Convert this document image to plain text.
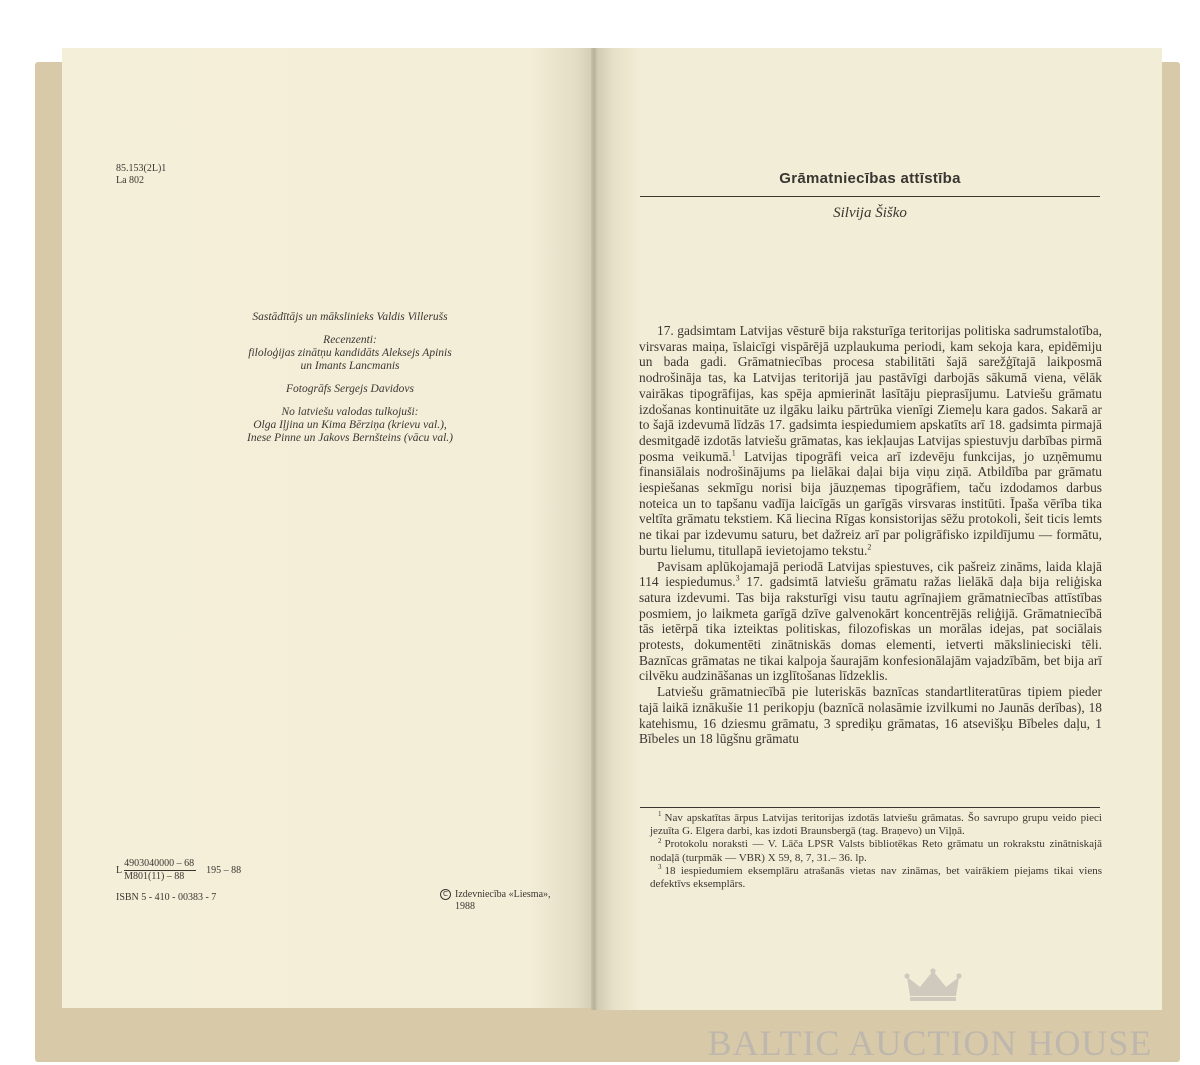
85.153(2L)1
La 802

Sastādītājs un mākslinieks Valdis Villerušs

Recenzenti:
filoloģijas zinātņu kandidāts Aleksejs Apinis
un Imants Lancmanis

Fotogrāfs Sergejs Davidovs

No latviešu valodas tulkojuši:
Olga Iļjina un Kima Bērziņa (krievu val.),
Inese Pinne un Jakovs Bernšteins (vācu val.)

L $\frac{4903040000 - 68}{M801(11) - 88} 195 - 88$
ISBN 5 - 410 - 00383 - 7	C Izdevniecība «Liesma»,
1988
Grāmatniecības attīstība
Silvija Šiško

17. gadsimtam Latvijas vēsturē bija raksturīga teritorijas politiska sadrumstalotība, virsvaras maiņa, īslaicīgi vispārējā uzplaukuma periodi, kam sekoja kara, epidēmiju un bada gadi. Grāmatniecības procesa stabilitāti šajā sarežģītajā laikposmā nodrošināja tas, ka Latvijas teritorijā jau pastāvīgi darbojās sākumā viena, vēlāk vairākas tipogrāfijas, kas spēja apmierināt lasītāju pieprasījumu. Latviešu grāmatu izdošanas kontinuitāte uz ilgāku laiku pārtrūka vienīgi Ziemeļu kara gados. Sakarā ar to šajā izdevumā līdzās 17. gadsimta iespiedumiem apskatīts arī 18. gadsimta pirmajā desmitgadē izdotās latviešu grāmatas, kas iekļaujas Latvijas spiestuvju darbības pirmā posma veikumā.$^1$ Latvijas tipogrāfi veica arī izdevēju funkcijas, jo uzņēmumu finansiālais nodrošinājums pa lielākai daļai bija viņu ziņā. Atbildība par grāmatu iespiešanas sekmīgu norisi bija jāuzņemas tipogrāfiem, taču izdodamos darbus noteica un to tapšanu vadīja laicīgās un garīgās virsvaras institūti. Īpaša vērība tika veltīta grāmatu tekstiem. Kā liecina Rīgas konsistorijas sēžu protokoli, šeit ticis lemts ne tikai par izdevumu saturu, bet dažreiz arī par poligrāfisko izpildījumu — formātu, burtu lielumu, titullapā ievietojamo tekstu.$^2$

Pavisam aplūkojamajā periodā Latvijas spiestuves, cik pašreiz zināms, laida klajā 114 iespiedumus.$^3$ 17. gadsimtā latviešu grāmatu ražas lielākā daļa bija reliģiska satura izdevumi. Tas bija raksturīgi visu tautu agrīnajiem grāmatniecības attīstības posmiem, jo laikmeta garīgā dzīve galvenokārt koncentrējās reliģijā. Grāmatniecībā tās ietērpā tika izteiktas politiskas, filozofiskas un morālas idejas, pat sociālais protests, dokumentēti zinātniskās domas elementi, ietverti mākslinieciski tēli. Baznīcas grāmatas ne tikai kalpoja šaurajām konfesionālajām vajadzībām, bet bija arī cilvēku audzināšanas un izglītošanas līdzeklis.

Latviešu grāmatniecībā pie luteriskās baznīcas standartliteratūras tipiem pieder tajā laikā iznākušie 11 perikopju (baznīcā nolasāmie izvilkumi no Jaunās derības), 18 katehismu, 16 dziesmu grāmatu, 3 sprediķu grāmatas, 16 atsevišķu Bībeles daļu, 1 Bībeles un 18 lūgšnu grāmatu

$^1$ Nav apskatītas ārpus Latvijas teritorijas izdotās latviešu grāmatas. Šo savrupo grupu veido pieci jezuīta G. Elgera darbi, kas izdoti Braunsbergā (tag. Braņevo) un Viļņā.

$^2$ Protokolu noraksti — V. Lāča LPSR Valsts bibliotēkas Reto grāmatu un rokrakstu zinātniskajā nodaļā (turpmāk — VBR) X 59, 8, 7, 31.– 36. lp.

$^3$ 18 iespiedumiem eksemplāru atrašanās vietas nav zināmas, bet vairākiem piejams tikai viens defektīvs eksemplārs.

BALTIC AUCTION HOUSE
